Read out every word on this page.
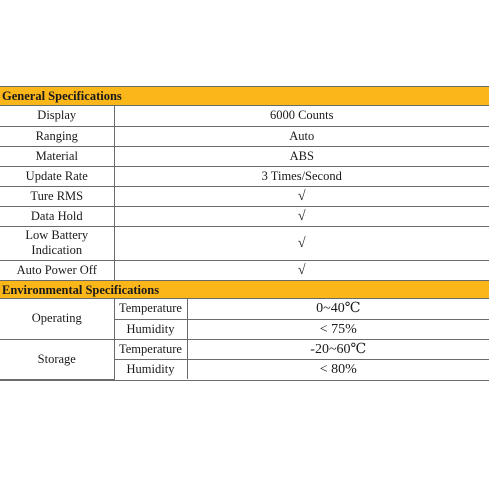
General Specifications
Display	6000 Counts
Ranging	Auto
Material	ABS
Update Rate	3 Times/Second
Ture RMS	√
Data Hold	√
Low Battery
Indication	√
Auto Power Off	√
Environmental Specifications
Operating	Temperature	0~40℃
	Humidity	< 75%
Storage	Temperature	-20~60℃
	Humidity	< 80%
